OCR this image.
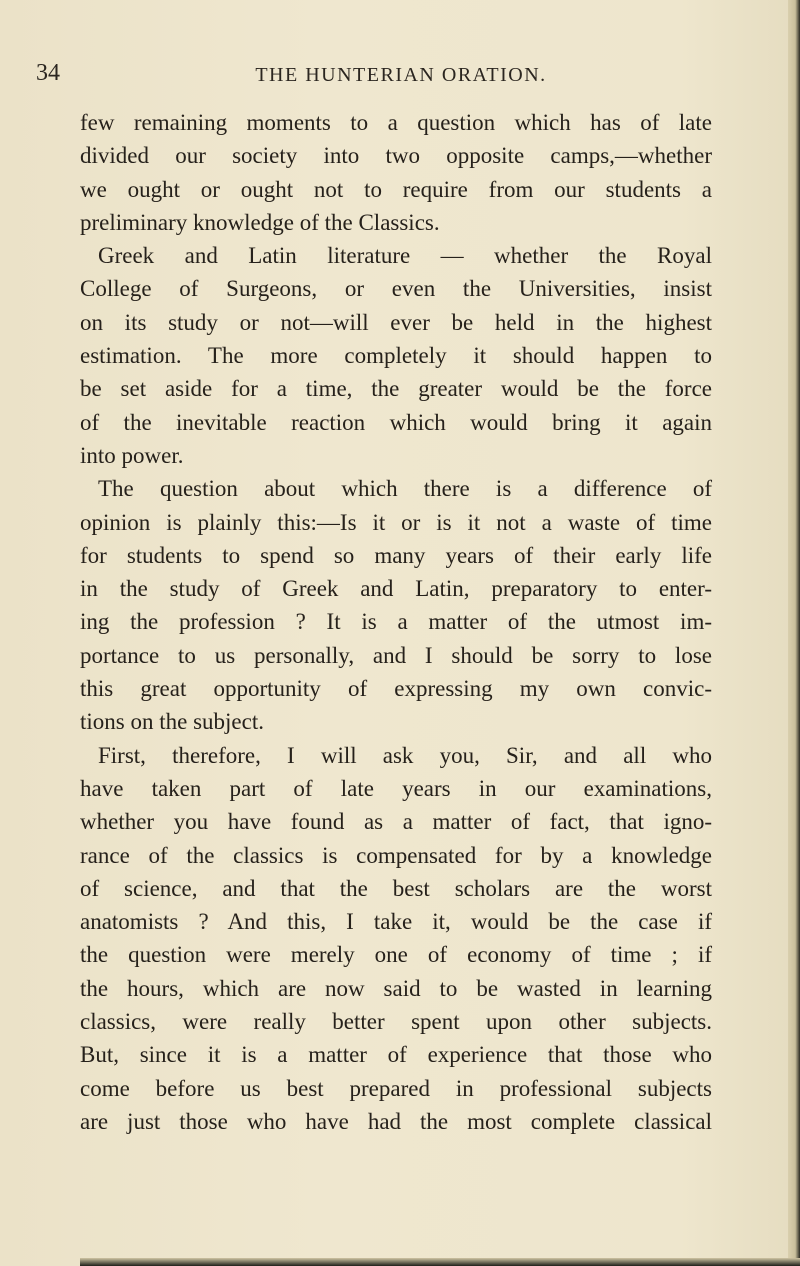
34	THE HUNTERIAN ORATION.
few remaining moments to a question which has of late
divided our society into two opposite camps,—whether
we ought or ought not to require from our students a
preliminary knowledge of the Classics.
Greek and Latin literature — whether the Royal
College of Surgeons, or even the Universities, insist
on its study or not—will ever be held in the highest
estimation. The more completely it should happen to
be set aside for a time, the greater would be the force
of the inevitable reaction which would bring it again
into power.
The question about which there is a difference of
opinion is plainly this:—Is it or is it not a waste of time
for students to spend so many years of their early life
in the study of Greek and Latin, preparatory to enter-
ing the profession ? It is a matter of the utmost im-
portance to us personally, and I should be sorry to lose
this great opportunity of expressing my own convic-
tions on the subject.
First, therefore, I will ask you, Sir, and all who
have taken part of late years in our examinations,
whether you have found as a matter of fact, that igno-
rance of the classics is compensated for by a knowledge
of science, and that the best scholars are the worst
anatomists ? And this, I take it, would be the case if
the question were merely one of economy of time ; if
the hours, which are now said to be wasted in learning
classics, were really better spent upon other subjects.
But, since it is a matter of experience that those who
come before us best prepared in professional subjects
are just those who have had the most complete classical
